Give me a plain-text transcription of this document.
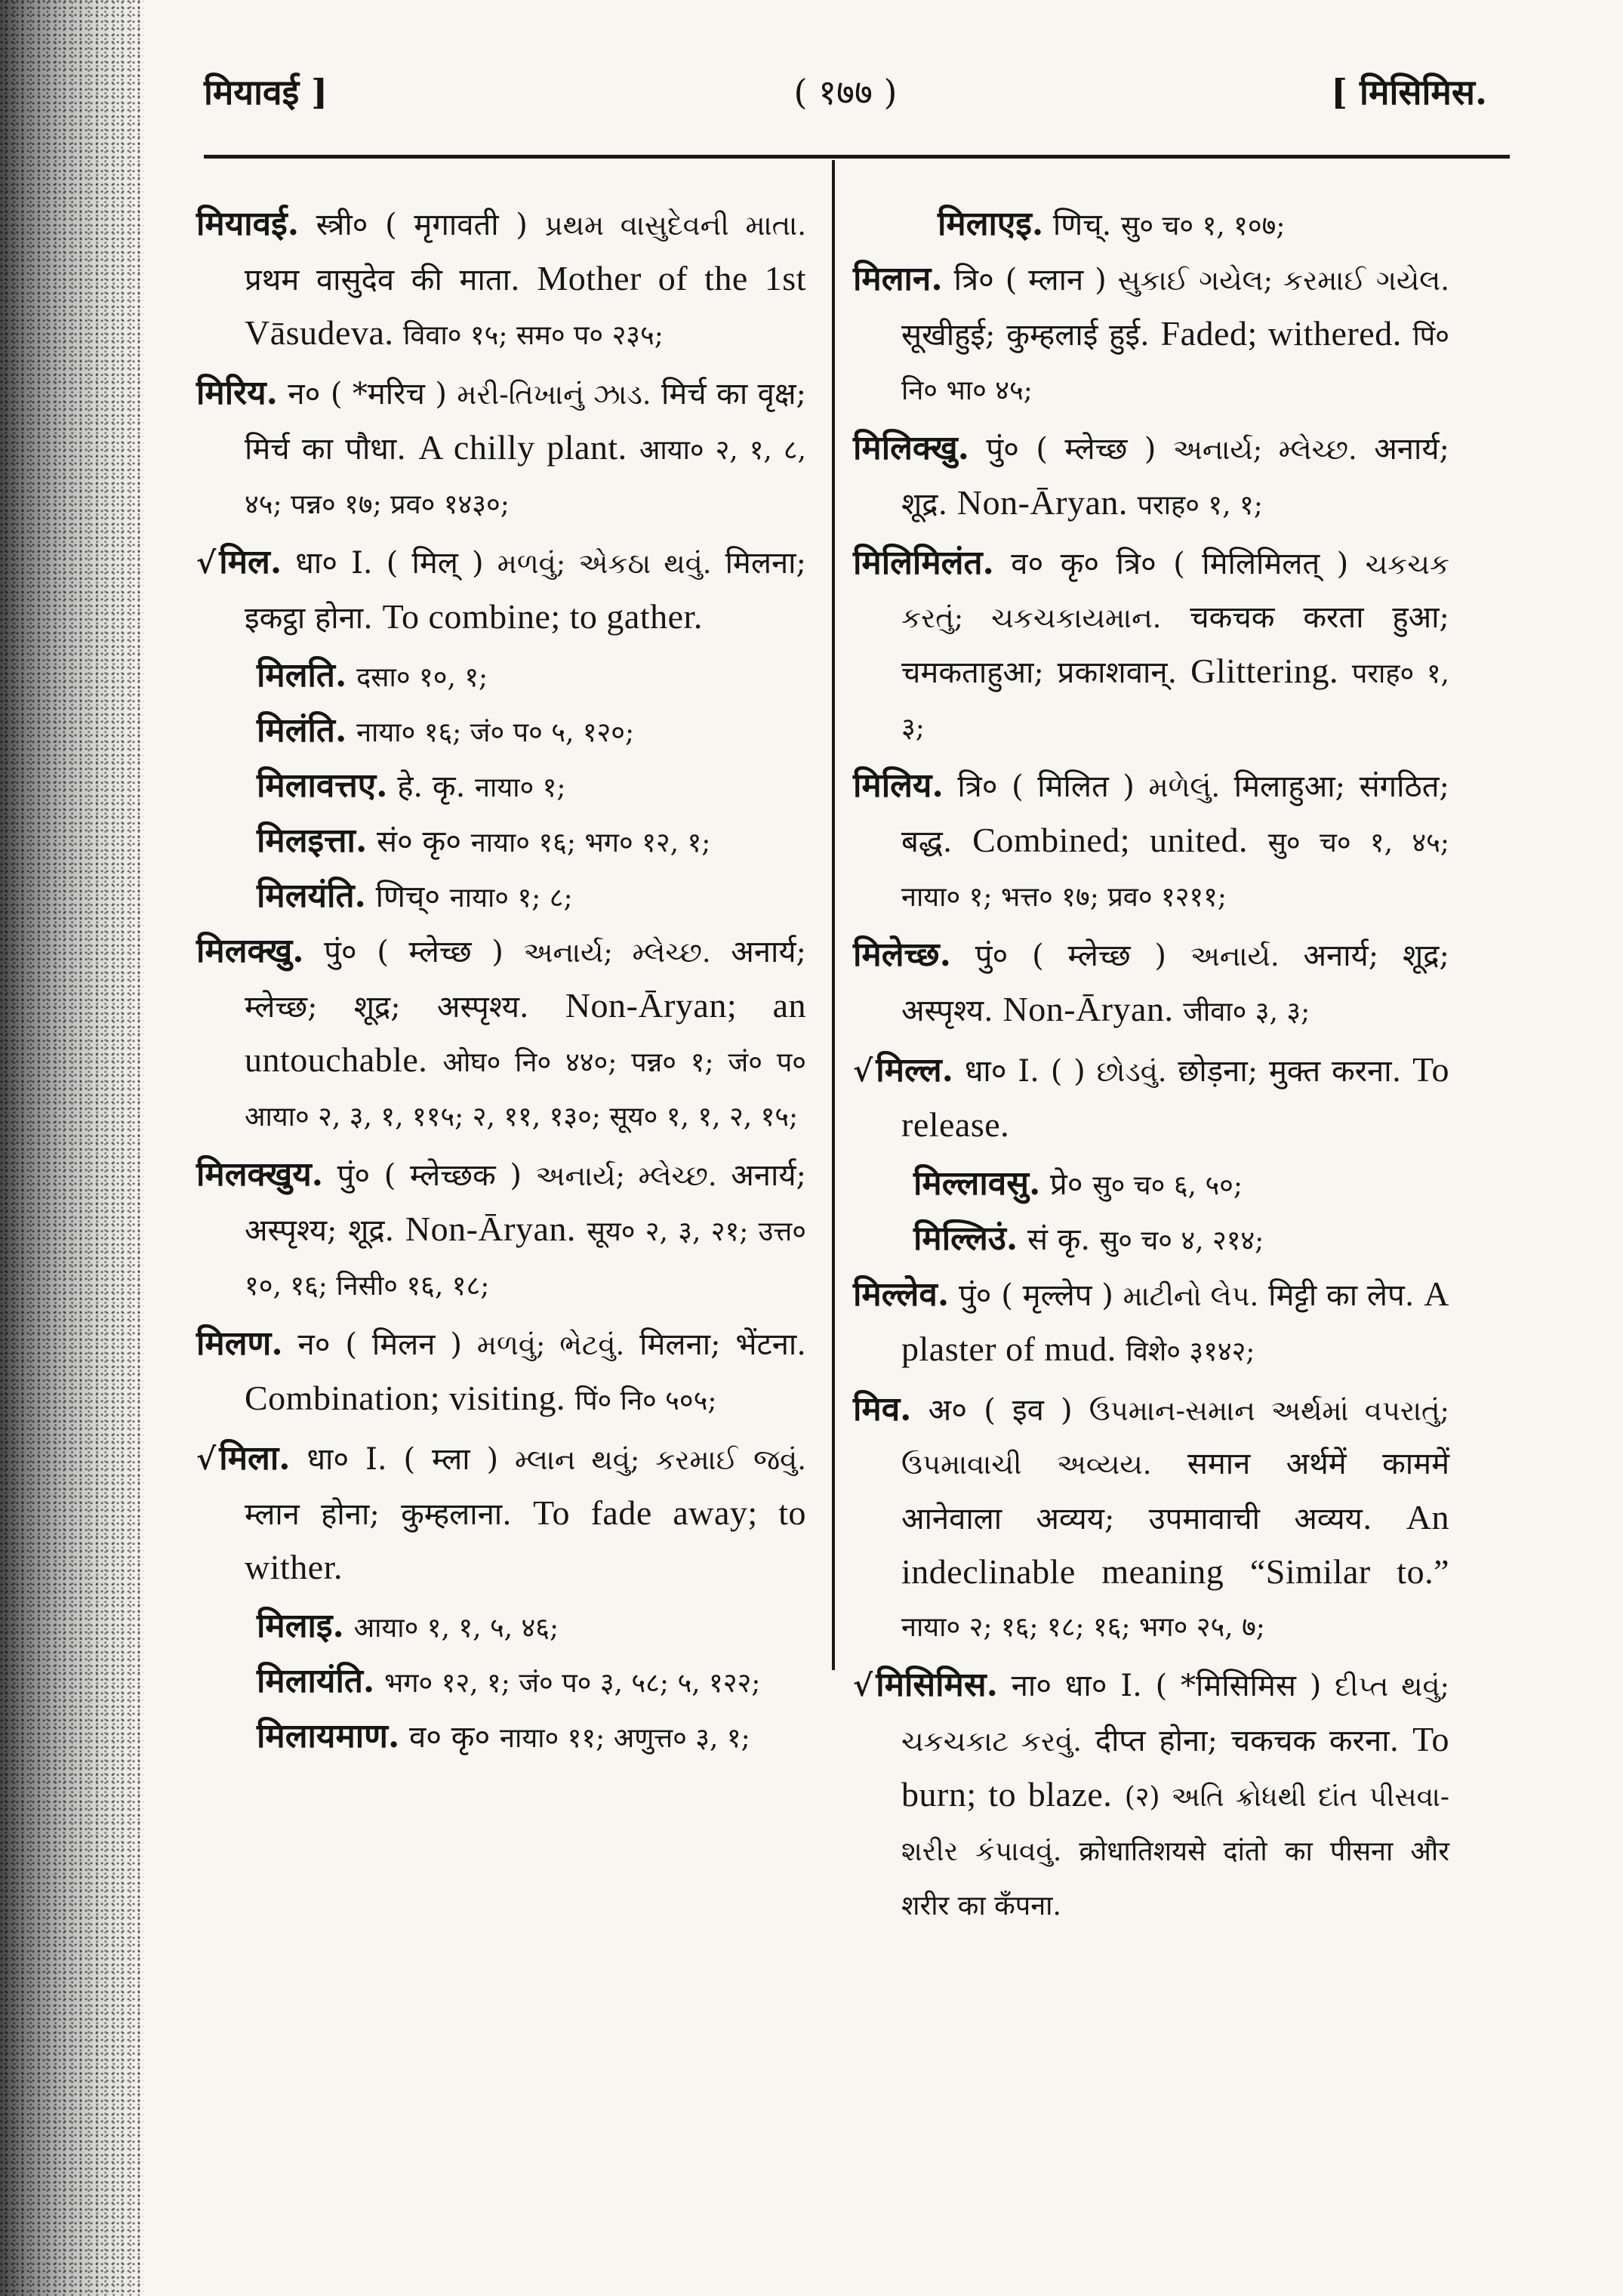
मियावई ]	( १७७ )	[ मिसिमिस.
मियावई. स्त्री० ( मृगावती ) પ્રથમ વાસુદેવની માતા. प्रथम वासुदेव की माता. Mother of the 1st Vāsudeva. विवा० १५; सम० प० २३५;
मिरिय. न० ( *मरिच ) મરી-તિખાનું ઝાડ. मिर्च का वृक्ष; मिर्च का पौधा. A chilly plant. आया० २, १, ८, ४५; पन्न० १७; प्रव० १४३०;
√मिल. धा० I. ( मिल् ) મળવું; એકઠા થવું. मिलना; इकट्ठा होना. To combine; to gather.
मिलति. दसा० १०, १;
मिलंति. नाया० १६; जं० प० ५, १२०;
मिलावत्तए. हे. कृ. नाया० १;
मिलइत्ता. सं० कृ० नाया० १६; भग० १२, १;
मिलयंति. णिच्० नाया० १; ८;
मिलक्खु. पुं० ( म्लेच्छ ) અનાર્ય; મ્લેચ્છ. अनार्य; म्लेच्छ; शूद्र; अस्पृश्य. Non-Āryan; an untouchable. ओघ० नि० ४४०; पन्न० १; जं० प० आया० २, ३, १, ११५; २, ११, १३०; सूय० १, १, २, १५;
मिलक्खुय. पुं० ( म्लेच्छक ) અનાર્ય; મ્લેચ્છ. अनार्य; अस्पृश्य; शूद्र. Non-Āryan. सूय० २, ३, २१; उत्त० १०, १६; निसी० १६, १८;
मिलण. न० ( मिलन ) મળવું; ભેટવું. मिलना; भेंटना. Combination; visiting. पिं० नि० ५०५;
√मिला. धा० I. ( म्ला ) મ્લાન થવું; કરમાઈ જવું. म्लान होना; कुम्हलाना. To fade away; to wither.
मिलाइ. आया० १, १, ५, ४६;
मिलायंति. भग० १२, १; जं० प० ३, ५८; ५, १२२;
मिलायमाण. व० कृ० नाया० ११; अणुत्त० ३, १;
मिलाएइ. णिच्. सु० च० १, १०७;
मिलान. त्रि० ( म्लान ) સુકાઈ ગયેલ; કરમાઈ ગયેલ. सूखीहुई; कुम्हलाई हुई. Faded; withered. पिं० नि० भा० ४५;
मिलिक्खु. पुं० ( म्लेच्छ ) અનાર્ય; મ્લેચ્છ. अनार्य; शूद्र. Non-Āryan. पराह० १, १;
मिलिमिलंत. व० कृ० त्रि० ( मिलिमिलत् ) ચકચક કરતું; ચકચકાયમાન. चकचक करता हुआ; चमकताहुआ; प्रकाशवान्. Glittering. पराह० १, ३;
मिलिय. त्रि० ( मिलित ) મળેલું. मिलाहुआ; संगठित; बद्ध. Combined; united. सु० च० १, ४५; नाया० १; भत्त० १७; प्रव० १२११;
मिलेच्छ. पुं० ( म्लेच्छ ) અનાર્ય. अनार्य; शूद्र; अस्पृश्य. Non-Āryan. जीवा० ३, ३;
√मिल्ल. धा० I. ( ) છોડવું. छोड़ना; मुक्त करना. To release.
मिल्लावसु. प्रे० सु० च० ६, ५०;
मिल्लिउं. सं कृ. सु० च० ४, २१४;
मिल्लेव. पुं० ( मृल्लेप ) માટીનો લેપ. मिट्टी का लेप. A plaster of mud. विशे० ३१४२;
मिव. अ० ( इव ) ઉપમાન-સમાન અર્થમાં વપરાતું; ઉપમાવાચી અવ્યય. समान अर्थमें काममें आनेवाला अव्यय; उपमावाची अव्यय. An indeclinable meaning “Similar to.” नाया० २; १६; १८; १६; भग० २५, ७;
√मिसिमिस. ना० धा० I. ( *मिसिमिस ) દીપ્ત થવું; ચકચકાટ કરવું. दीप्त होना; चकचक करना. To burn; to blaze. (२) અતિ ક્રોધથી દાંત પીસવા-શરીર કંપાવવું. क्रोधातिशयसे दांतो का पीसना और शरीर का कँपना.
